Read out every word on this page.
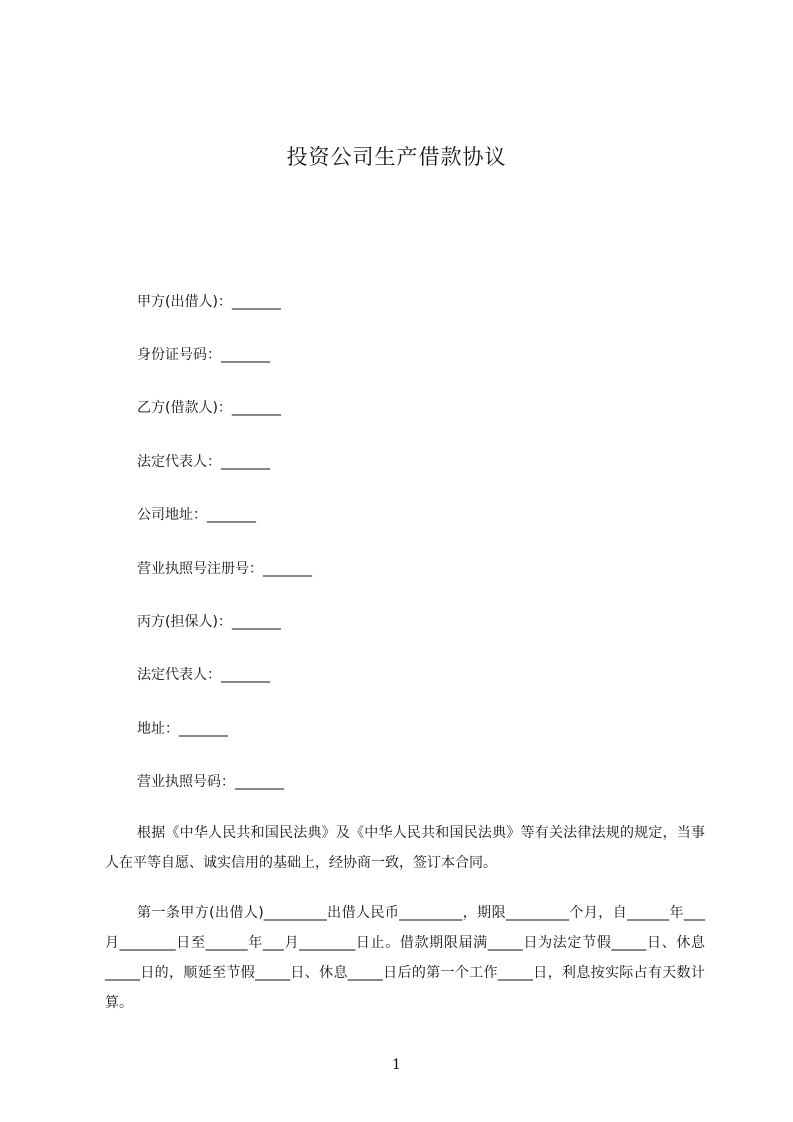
投资公司生产借款协议
甲方(出借人)：_______
身份证号码：_______
乙方(借款人)：_______
法定代表人：_______
公司地址：_______
营业执照号注册号：_______
丙方(担保人)：_______
法定代表人：_______
地址：_______
营业执照号码：_______
根据《中华人民共和国民法典》及《中华人民共和国民法典》等有关法律法规的规定，当事人在平等自愿、诚实信用的基础上，经协商一致，签订本合同。
第一条甲方(出借人)_________出借人民币_________，期限_________个月，自______年___月________日至______年___月________日止。借款期限届满_____日为法定节假_____日、休息_____日的，顺延至节假_____日、休息_____日后的第一个工作_____日，利息按实际占有天数计算。
1
